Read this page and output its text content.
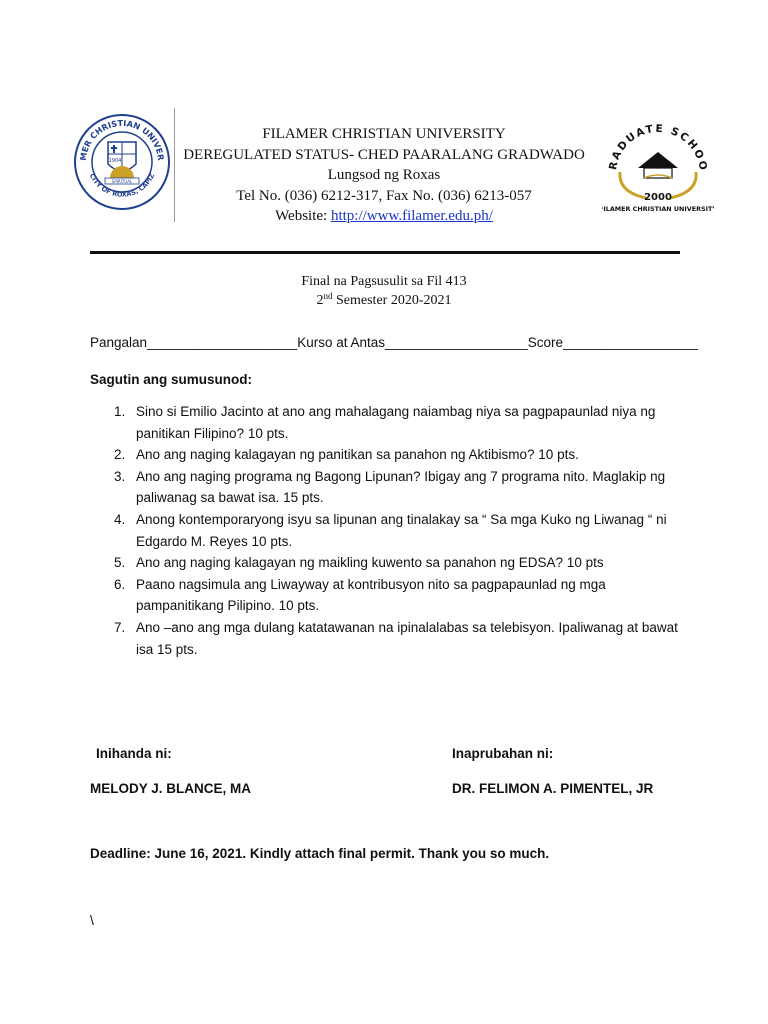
MER CHRISTIAN UNIVER
CITY OF ROXAS, CAPIZ
1904
SPIRITUAL
FILAMER CHRISTIAN UNIVERSITY
DEREGULATED STATUS- CHED PAARALANG GRADWADO
Lungsod ng Roxas
Tel No. (036) 6212-317, Fax No. (036) 6213-057
Website: http://www.filamer.edu.ph/
RADUATE SCHOO
2000
FILAMER CHRISTIAN UNIVERSITY
Final na Pagsusulit sa Fil 413
2nd Semester 2020-2021
Pangalan____________________Kurso at Antas___________________Score__________________
Sagutin ang sumusunod:
1. Sino si Emilio Jacinto at ano ang mahalagang naiambag niya sa pagpapaunlad niya ng panitikan Filipino? 10 pts.
2. Ano ang naging kalagayan ng panitikan sa panahon ng Aktibismo? 10 pts.
3. Ano ang naging programa ng Bagong Lipunan? Ibigay ang 7 programa nito. Maglakip ng paliwanag sa bawat isa. 15 pts.
4. Anong kontemporaryong isyu sa lipunan ang tinalakay sa “ Sa mga Kuko ng Liwanag “ ni Edgardo M. Reyes 10 pts.
5. Ano ang naging kalagayan ng maikling kuwento sa panahon ng EDSA? 10 pts
6. Paano nagsimula ang Liwayway at kontribusyon nito sa pagpapaunlad ng mga pampanitikang Pilipino. 10 pts.
7. Ano –ano ang mga dulang katatawanan na ipinalalabas sa telebisyon. Ipaliwanag at bawat isa 15 pts.
Inihanda ni:	Inaprubahan ni:
MELODY J. BLANCE, MA	DR. FELIMON A. PIMENTEL, JR
Deadline: June 16, 2021. Kindly attach final permit. Thank you so much.
\
